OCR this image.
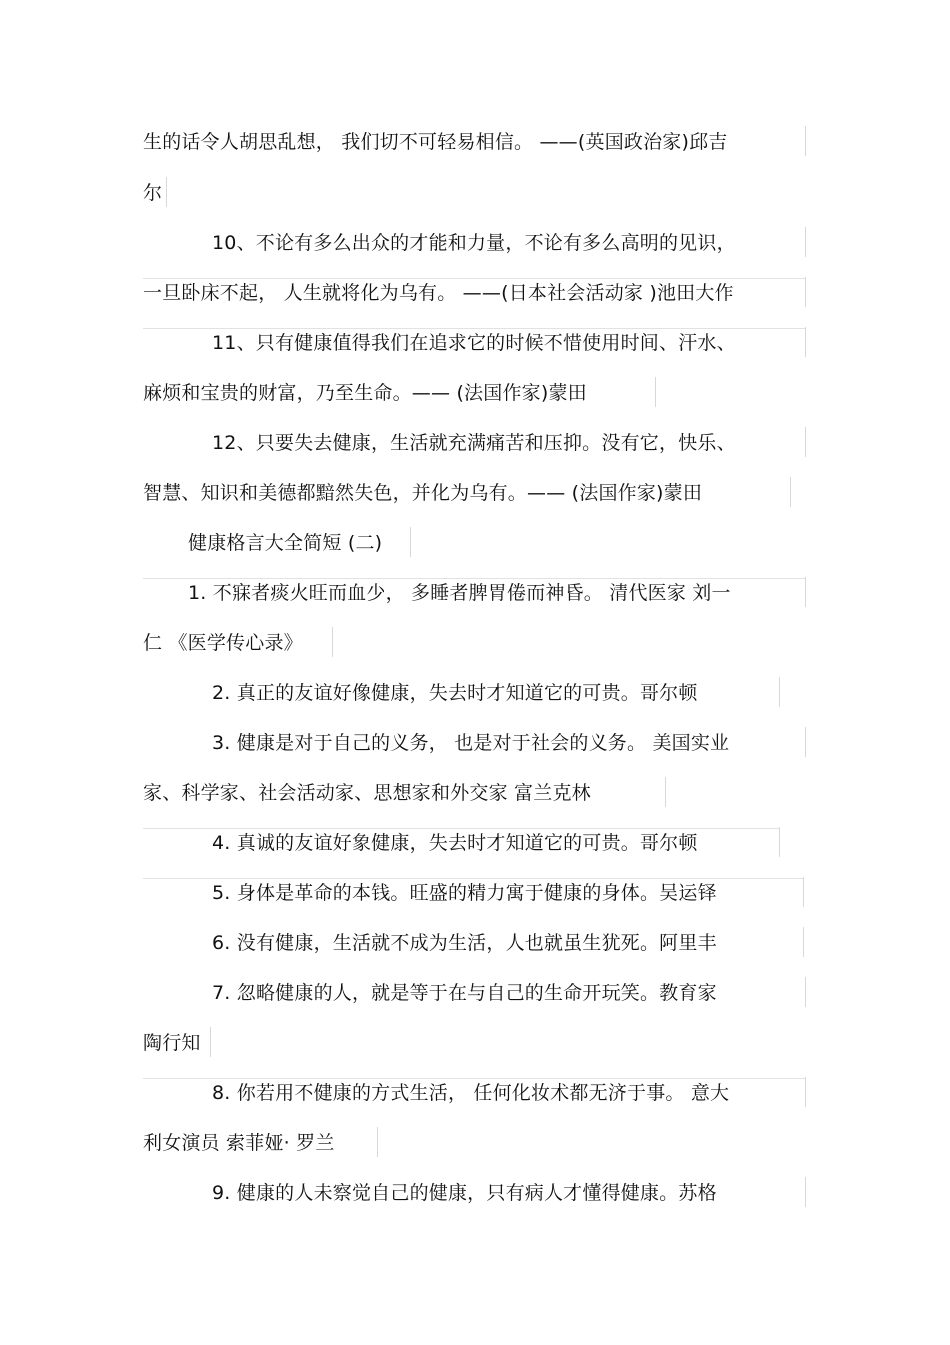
生的话令人胡思乱想， 我们切不可轻易相信。 ——(英国政治家)邱吉
尔
10、不论有多么出众的才能和力量，不论有多么高明的见识，
一旦卧床不起， 人生就将化为乌有。 ——(日本社会活动家 )池田大作
11、只有健康值得我们在追求它的时候不惜使用时间、汗水、
麻烦和宝贵的财富，乃至生命。—— (法国作家)蒙田
12、只要失去健康，生活就充满痛苦和压抑。没有它，快乐、
智慧、知识和美德都黯然失色，并化为乌有。—— (法国作家)蒙田
健康格言大全简短 (二)
1. 不寐者痰火旺而血少， 多睡者脾胃倦而神昏。 清代医家 刘一
仁 《医学传心录》
2. 真正的友谊好像健康，失去时才知道它的可贵。哥尔顿
3. 健康是对于自己的义务， 也是对于社会的义务。 美国实业
家、科学家、社会活动家、思想家和外交家 富兰克林
4. 真诚的友谊好象健康，失去时才知道它的可贵。哥尔顿
5. 身体是革命的本钱。旺盛的精力寓于健康的身体。吴运铎
6. 没有健康，生活就不成为生活，人也就虽生犹死。阿里丰
7. 忽略健康的人，就是等于在与自己的生命开玩笑。教育家
陶行知
8. 你若用不健康的方式生活， 任何化妆术都无济于事。 意大
利女演员 索菲娅· 罗兰
9. 健康的人未察觉自己的健康，只有病人才懂得健康。苏格
